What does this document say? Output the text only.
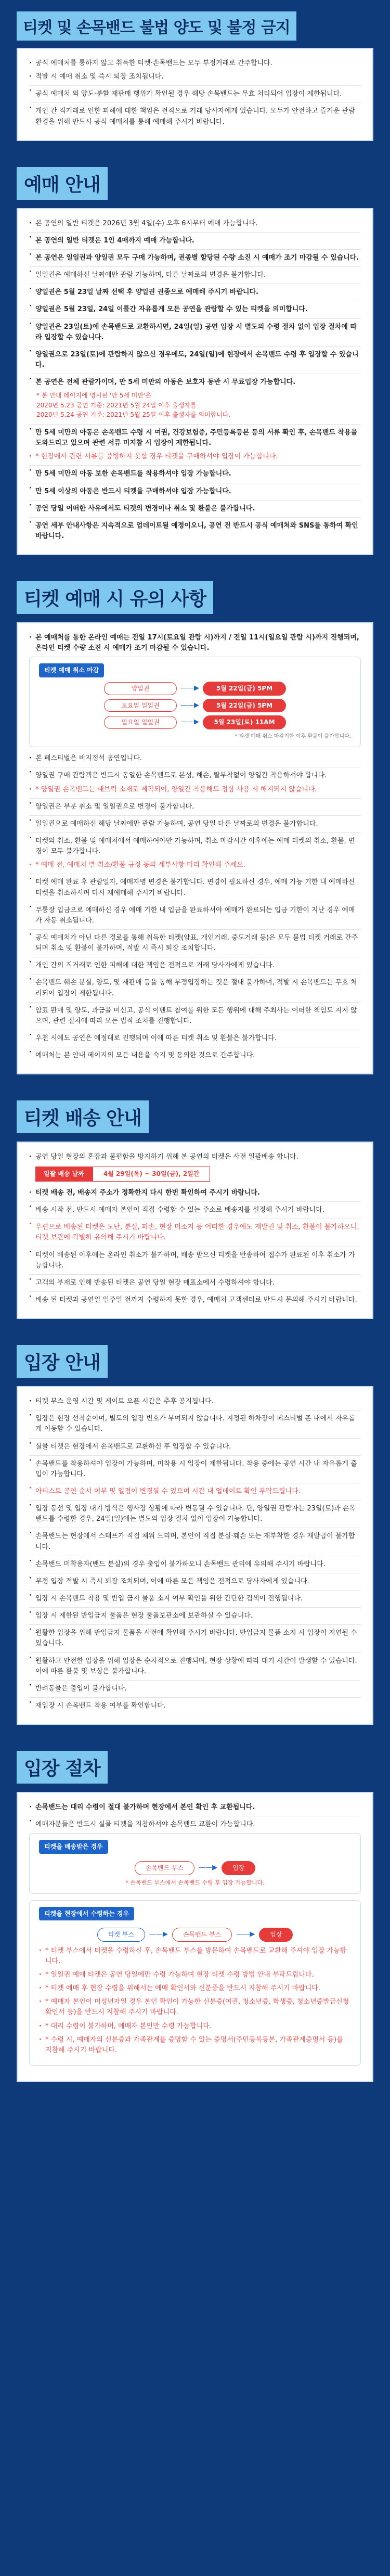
티켓 및 손목밴드 불법 양도 및 불정 금지
· 공식 예매처를 통하지 않고 취득한 티켓·손목밴드는 모두 부정거래로 간주합니다.
· 적발 시 예매 취소 및 즉시 퇴장 조치됩니다.
· 공식 예매처 외 양도·분할 재판매 행위가 확인될 경우 해당 손목밴드는 무효 처리되어 입장이 제한됩니다.
· 개인 간 직거래로 인한 피해에 대한 책임은 전적으로 거래 당사자에게 있습니다. 모두가 안전하고 즐거운 관람 환경을 위해 반드시 공식 예매처를 통해 예매해 주시기 바랍니다.
예매 안내
· 본 공연의 일반 티켓은 2026년 3월 4일(수) 오후 6시부터 예매 가능합니다.
· 본 공연의 일반 티켓은 1인 4매까지 예매 가능합니다.
· 본 공연은 일일권과 양일권 모두 구매 가능하며, 권종별 할당된 수량 소진 시 예매가 조기 마감될 수 있습니다.
· 일일권은 예매하신 날짜에만 관람 가능하며, 다른 날짜로의 변경은 불가합니다.
· 양일권은 5월 23일 날짜 선택 후 양일권 권종으로 예매해 주시기 바랍니다.
· 양일권은 5월 23일, 24일 이틀간 자유롭게 모든 공연을 관람할 수 있는 티켓을 의미합니다.
· 양일권은 23일(토)에 손목밴드로 교환하시면, 24일(일) 공연 입장 시 별도의 수령 절차 없이 입장 절차에 따라 입장할 수 있습니다.
· 양일권으로 23일(토)에 관람하지 않으신 경우에도, 24일(일)에 현장에서 손목밴드 수령 후 입장할 수 있습니다.
· 본 공연은 전체 관람가이며, 만 5세 미만의 아동은 보호자 동반 시 무료입장 가능합니다.
* 본 안내 페이지에 명시된 '만 5세 미만'은
2020년 5.23 공연 기준: 2021년 5월 24일 이후 출생자를
2020년 5.24 공연 기준: 2021년 5월 25일 이후 출생자를 의미합니다.
· 만 5세 미만의 아동은 손목밴드 수령 시 여권, 건강보험증, 주민등록등본 등의 서류 확인 후, 손목밴드 착용을 도와드리고 있으며 관련 서류 미지참 시 입장이 제한됩니다.
· * 현장에서 관련 서류를 증빙하지 못할 경우 티켓을 구매하셔야 입장이 가능합니다.
· 만 5세 미만의 아동 보한 손목밴드를 착용하셔야 입장 가능합니다.
· 만 5세 이상의 아동은 반드시 티켓을 구매하셔야 입장 가능합니다.
· 공연 당일 어떠한 사유에서도 티켓의 변경이나 취소 및 환불은 불가합니다.
· 공연 세부 안내사항은 지속적으로 업데이트될 예정이오니, 공연 전 반드시 공식 예매처와 SNS를 통하여 확인 바랍니다.
티켓 예매 시 유의 사항
· 본 예매처를 통한 온라인 예매는 전일 17시(토요일 관람 시)까지 / 전일 11시(일요일 관람 시)까지 진행되며, 온라인 티켓 수량 소진 시 예매가 조기 마감될 수 있습니다.
티켓 예매 취소 마감
양일권	——▶	5월 22일(금) 5PM
토요일 일일권	——▶	5월 22일(금) 5PM
일요일 일일권	——▶	5월 23일(토) 11AM
* 티켓 예매 취소 마감기한 이후 환불이 불가합니다.
· 본 페스티벌은 비지정석 공연입니다.
· 양일권 구매 관람객은 반드시 동일한 손목밴드로 본성, 해손, 탈부착없이 양일간 착용하셔야 합니다.
· * 양일권 손목밴드는 패브릭 소재로 제작되어, 양일간 착용해도 정상 사용 시 해지되지 않습니다.
· 양일권은 부분 취소 및 일일권으로 변경이 불가합니다.
· 일일권으로 예매하신 해당 날짜에만 관람 가능하며, 공연 당일 다른 날짜로의 변경은 불가합니다.
· 티켓의 취소, 환불 및 예매처에서 예매하여야만 가능하며, 취소 마감시간 이후에는 예매 티켓의 취소, 환불, 변경이 모두 불가합니다.
· * 예매 전, 예매처 별 취소/환불 규정 등의 세부사항 미리 확인해 주세요.
· 티켓 예매 완료 후 관람일자, 예매자명 변경은 불가합니다. 변경이 필요하신 경우, 예매 가능 기한 내 예매하신 티켓을 취소하시며 다시 재예매해 주시기 바랍니다.
· 무통장 입금으로 예매하신 경우 예매 기한 내 입금을 완료하셔야 예매가 완료되는 입금 기한이 지난 경우 예매가 자동 취소됩니다.
· 공식 예매처가 아닌 다른 경로를 통해 취득한 티켓(암표, 개인거래, 중도거래 등)은 모두 불법 티켓 거래로 간주되며 취소 및 환불이 불가하며, 적발 시 즉시 퇴장 조치합니다.
· 개인 간의 직거래로 인한 피해에 대한 책임은 전적으로 거래 당사자에게 있습니다.
· 손목밴드 훼손 분실, 양도, 및 재판매 등을 통해 부정입장하는 것은 절대 불가하며, 적발 시 손목밴드는 무효 처리되어 입장이 제한됩니다.
· 암표 판매 및 양도, 과금을 미신고, 공식 이벤트 참여를 위한 모든 행위에 대해 주최사는 어떠한 책임도 지지 않으며, 관련 절차에 따라 모든 법적 조치를 진행합니다.
· 우천 시에도 공연은 예정대로 진행되며 이에 따른 티켓 취소 및 환불은 불가합니다.
· 예매처는 본 안내 페이지의 모든 내용을 숙지 및 동의한 것으로 간주합니다.
티켓 배송 안내
· 공연 당일 현장의 혼잡과 불편함을 방지하기 위해 본 공연의 티켓은 사전 일괄배송 합니다.
일괄 배송 날짜	4월 29일(목) ~ 30일(금), 2일간
· 티켓 배송 전, 배송지 주소가 정확한지 다시 한번 확인하여 주시기 바랍니다.
· 배송 시작 전, 반드시 예매자 본인이 직접 수령할 수 있는 주소로 배송지를 설정해 주시기 바랍니다.
· 우편으로 배송된 티켓은 도난, 분실, 파손, 현장 미소지 등 어떠한 경우에도 재발권 및 취소, 환불이 불가하오니, 티켓 보관에 각별히 유의해 주시기 바랍니다.
· 티켓이 배송된 이후에는 온라인 취소가 불가하며, 배송 받으신 티켓을 반송하여 접수가 완료된 이후 취소가 가능합니다.
· 고객의 부재로 인해 반송된 티켓은 공연 당일 현장 매표소에서 수령하셔야 합니다.
· 배송 된 티켓과 공연일 일주일 전까지 수령하지 못한 경우, 예매처 고객센터로 반드시 문의해 주시기 바랍니다.
입장 안내
· 티켓 부스 운영 시간 및 게이트 오픈 시간은 추후 공지됩니다.
· 입장은 현장 선착순이며, 별도의 입장 번호가 부여되지 않습니다. 지정된 하차장이 페스티벌 존 내에서 자유롭게 이동할 수 있습니다.
· 실물 티켓은 현장에서 손목밴드로 교환하신 후 입장할 수 있습니다.
· 손목밴드를 착용하셔야 입장이 가능하며, 미착용 시 입장이 제한됩니다. 착용 중에는 공연 시간 내 자유롭게 출입이 가능합니다.
· 아티스트 공연 순서 여부 및 일정이 변경될 수 있으며 시간 내 업데이트 확인 부탁드립니다.
· 입장 동선 및 입장 대기 방식은 행사장 상황에 따라 변동될 수 있습니다. 단, 양일권 관람자는 23일(토)과 손목밴드를 수령한 경우, 24일(일)에는 별도의 입장 절차 없이 입장이 가능합니다.
· 손목밴드는 현장에서 스태프가 직접 채워 드리며, 본인이 직접 분실·훼손 또는 재부착한 경우 재발급이 불가합니다.
· 손목밴드 미착용자(밴드 분실)의 경우 출입이 불가하오니 손목밴드 관리에 유의해 주시기 바랍니다.
· 부정 입장 적발 시 즉시 퇴장 조치되며, 이에 따른 모든 책임은 전적으로 당사자에게 있습니다.
· 입장 시 손목밴드 착용 및 반입 금지 물품 소지 여부 확인을 위한 간단한 검색이 진행됩니다.
· 입장 시 제한된 반입금지 물품은 현장 물품보관소에 보관하실 수 있습니다.
· 원활한 입장을 위해 반입금지 물품을 사전에 확인해 주시기 바랍니다. 반입금지 물품 소지 시 입장이 지연될 수 있습니다.
· 원활하고 안전한 입장을 위해 입장은 순차적으로 진행되며, 현장 상황에 따라 대기 시간이 발생할 수 있습니다. 이에 따른 환불 및 보상은 불가합니다.
· 반려동물은 출입이 불가합니다.
· 재입장 시 손목밴드 착용 여부를 확인합니다.
입장 절차
· 손목밴드는 대리 수령이 절대 불가하며 현장에서 본인 확인 후 교환됩니다.
· 예매자분들은 반드시 실물 티켓을 지참하셔야 손목밴드 교환이 가능합니다.
티켓을 배송받은 경우
손목밴드 부스	——▶	입장
* 손목밴드 부스에서 손목밴드 수령 후 입장 가능합니다.
티켓을 현장에서 수령하는 경우
티켓 부스	——▶	손목밴드 부스	——▶	입장
· * 티켓 부스에서 티켓을 수령하신 후, 손목밴드 부스를 방문하여 손목밴드로 교환해 주셔야 입장 가능합니다.
· * 일일권 예매 티켓은 공연 당일에만 수령 가능하며 현장 티켓 수령 방법 안내 부탁드립니다.
· * 티켓 예매 후 현장 수령을 위해서는 예매 확인서와 신분증을 반드시 지참해 주시기 바랍니다.
· * 예매자 본인이 미성년자일 경우 본인 확인이 가능한 신분증(여권, 청소년증, 학생증, 청소년증발급신청확인서 등)을 반드시 지참해 주시기 바랍니다.
· * 대리 수령이 불가하며, 예매자 본인만 수령 가능합니다.
· * 수령 시, 예매자의 신분증과 가족관계를 증명할 수 있는 증명서(주민등록등본, 가족관계증명서 등)를 지참해 주시기 바랍니다.
